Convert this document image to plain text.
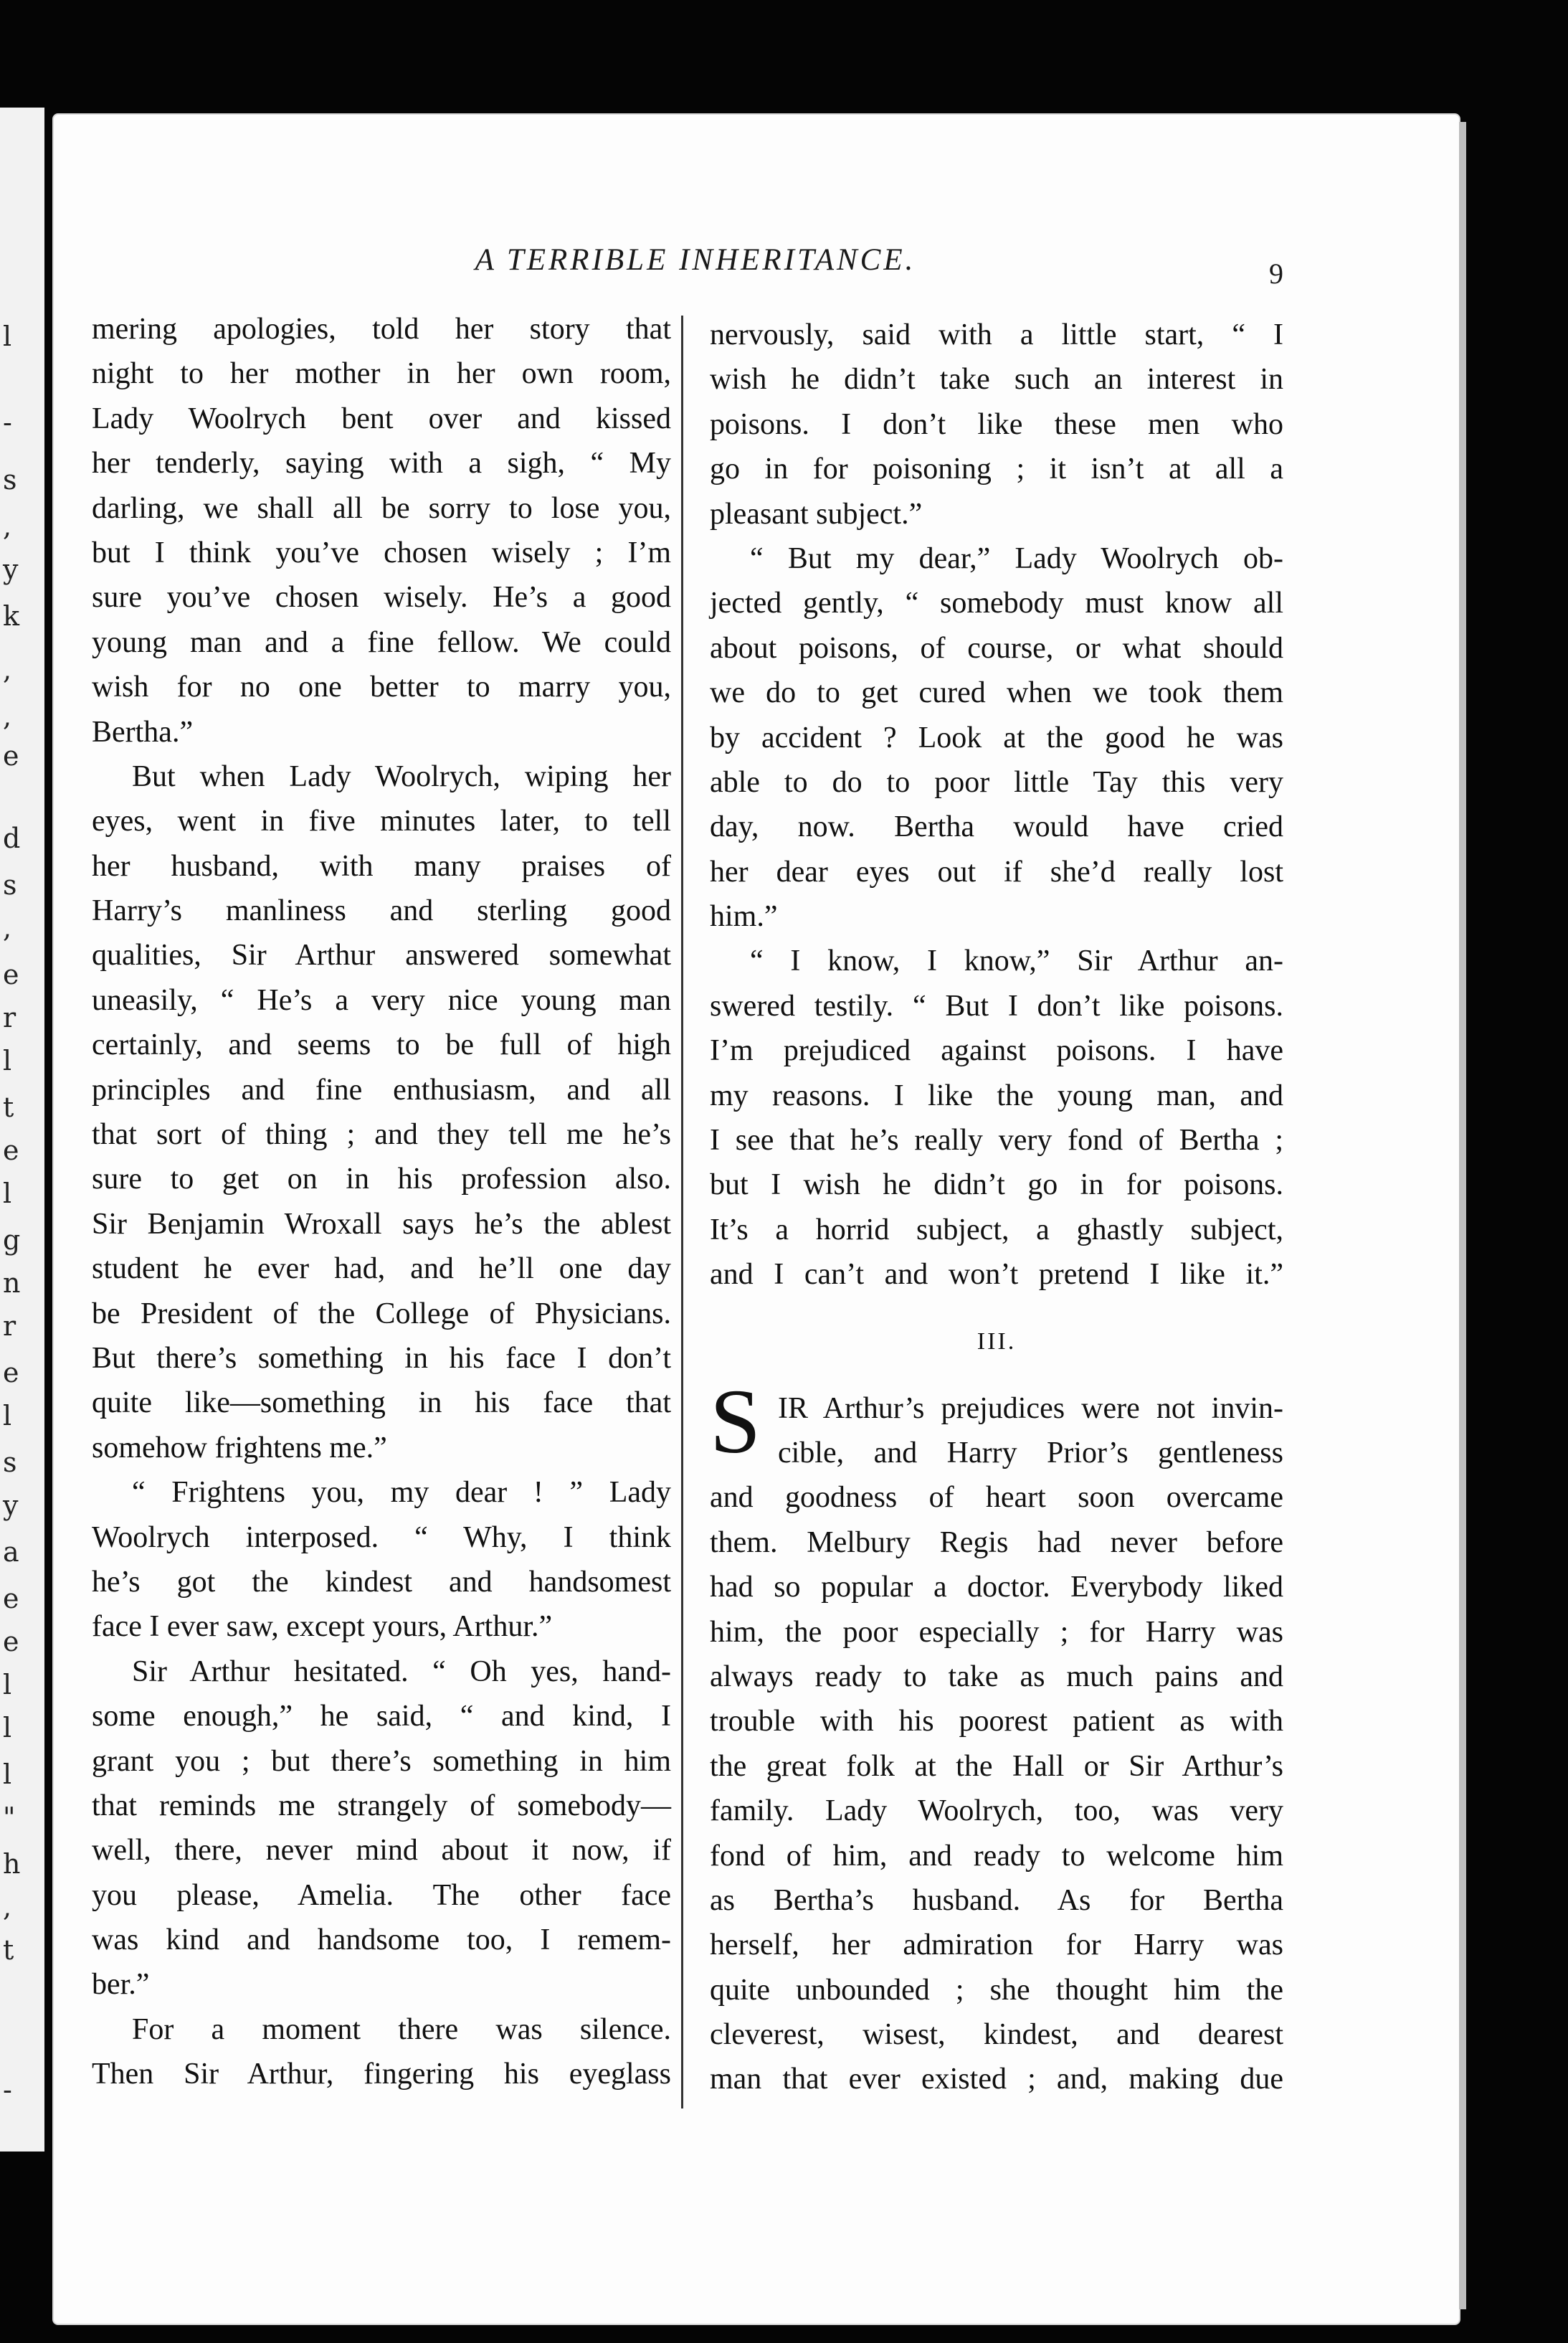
l
-
s
,
y
k
,
,
e
d
s
,
e
r
l
t
e
l
g
n
r
e
l
s
y
a
e
e
l
l
l
"
h
,
t
-
A TERRIBLE INHERITANCE.	9
mering apologies, told her story that
night to her mother in her own room,
Lady Woolrych bent over and kissed
her tenderly, saying with a sigh, “ My
darling, we shall all be sorry to lose you,
but I think you’ve chosen wisely ; I’m
sure you’ve chosen wisely. He’s a good
young man and a fine fellow. We could
wish for no one better to marry you,
Bertha.”
But when Lady Woolrych, wiping her
eyes, went in five minutes later, to tell
her husband, with many praises of
Harry’s manliness and sterling good
qualities, Sir Arthur answered somewhat
uneasily, “ He’s a very nice young man
certainly, and seems to be full of high
principles and fine enthusiasm, and all
that sort of thing ; and they tell me he’s
sure to get on in his profession also.
Sir Benjamin Wroxall says he’s the ablest
student he ever had, and he’ll one day
be President of the College of Physicians.
But there’s something in his face I don’t
quite like—something in his face that
somehow frightens me.”
“ Frightens you, my dear ! ” Lady
Woolrych interposed. “ Why, I think
he’s got the kindest and handsomest
face I ever saw, except yours, Arthur.”
Sir Arthur hesitated. “ Oh yes, hand-
some enough,” he said, “ and kind, I
grant you ; but there’s something in him
that reminds me strangely of somebody—
well, there, never mind about it now, if
you please, Amelia. The other face
was kind and handsome too, I remem-
ber.”
For a moment there was silence.
Then Sir Arthur, fingering his eyeglass
nervously, said with a little start, “ I
wish he didn’t take such an interest in
poisons. I don’t like these men who
go in for poisoning ; it isn’t at all a
pleasant subject.”
“ But my dear,” Lady Woolrych ob-
jected gently, “ somebody must know all
about poisons, of course, or what should
we do to get cured when we took them
by accident ? Look at the good he was
able to do to poor little Tay this very
day, now. Bertha would have cried
her dear eyes out if she’d really lost
him.”
“ I know, I know,” Sir Arthur an-
swered testily. “ But I don’t like poisons.
I’m prejudiced against poisons. I have
my reasons. I like the young man, and
I see that he’s really very fond of Bertha ;
but I wish he didn’t go in for poisons.
It’s a horrid subject, a ghastly subject,
and I can’t and won’t pretend I like it.”
III.
IR Arthur’s prejudices were not invin-
cible, and Harry Prior’s gentleness
and goodness of heart soon overcame
them. Melbury Regis had never before
had so popular a doctor. Everybody liked
him, the poor especially ; for Harry was
always ready to take as much pains and
trouble with his poorest patient as with
the great folk at the Hall or Sir Arthur’s
family. Lady Woolrych, too, was very
fond of him, and ready to welcome him
as Bertha’s husband. As for Bertha
herself, her admiration for Harry was
quite unbounded ; she thought him the
cleverest, wisest, kindest, and dearest
man that ever existed ; and, making due
S
